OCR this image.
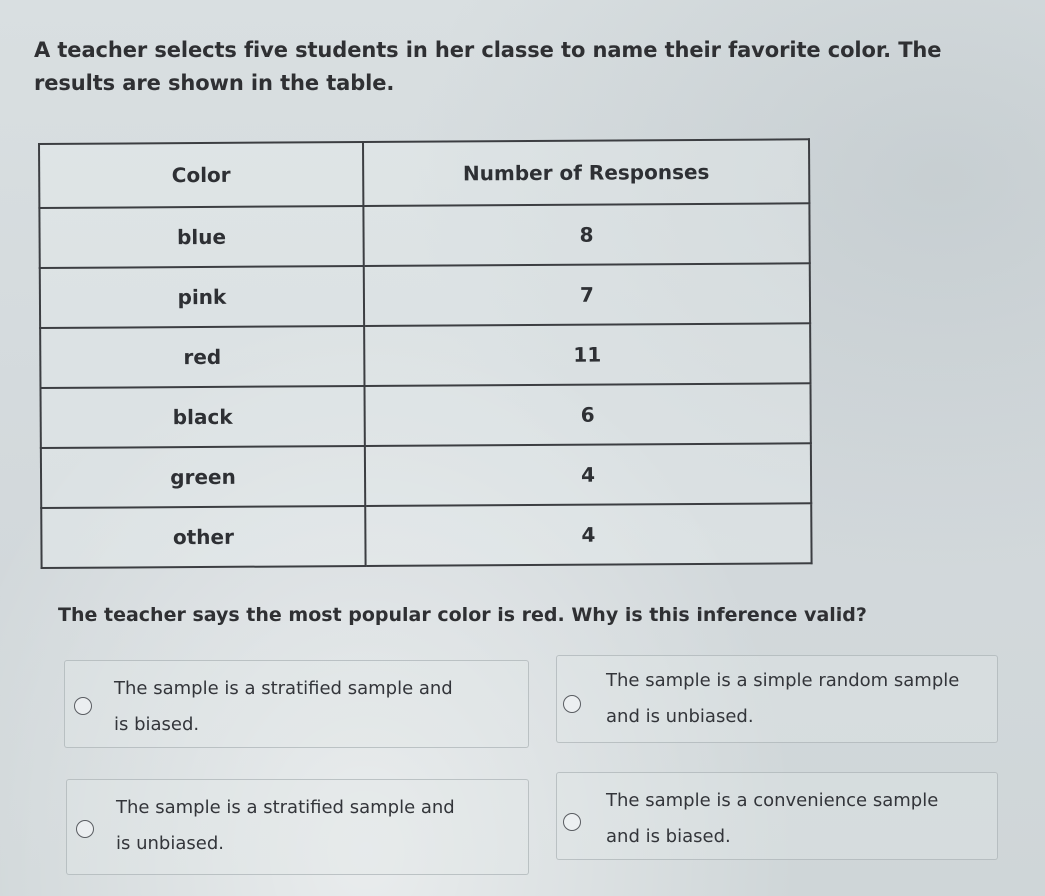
A teacher selects five students in her classe to name their favorite color. The results are shown in the table.
Color	Number of Responses
blue	8
pink	7
red	11
black	6
green	4
other	4
The teacher says the most popular color is red. Why is this inference valid?
The sample is a stratified sample and
is biased.
The sample is a simple random sample
and is unbiased.
The sample is a stratified sample and
is unbiased.
The sample is a convenience sample
and is biased.
